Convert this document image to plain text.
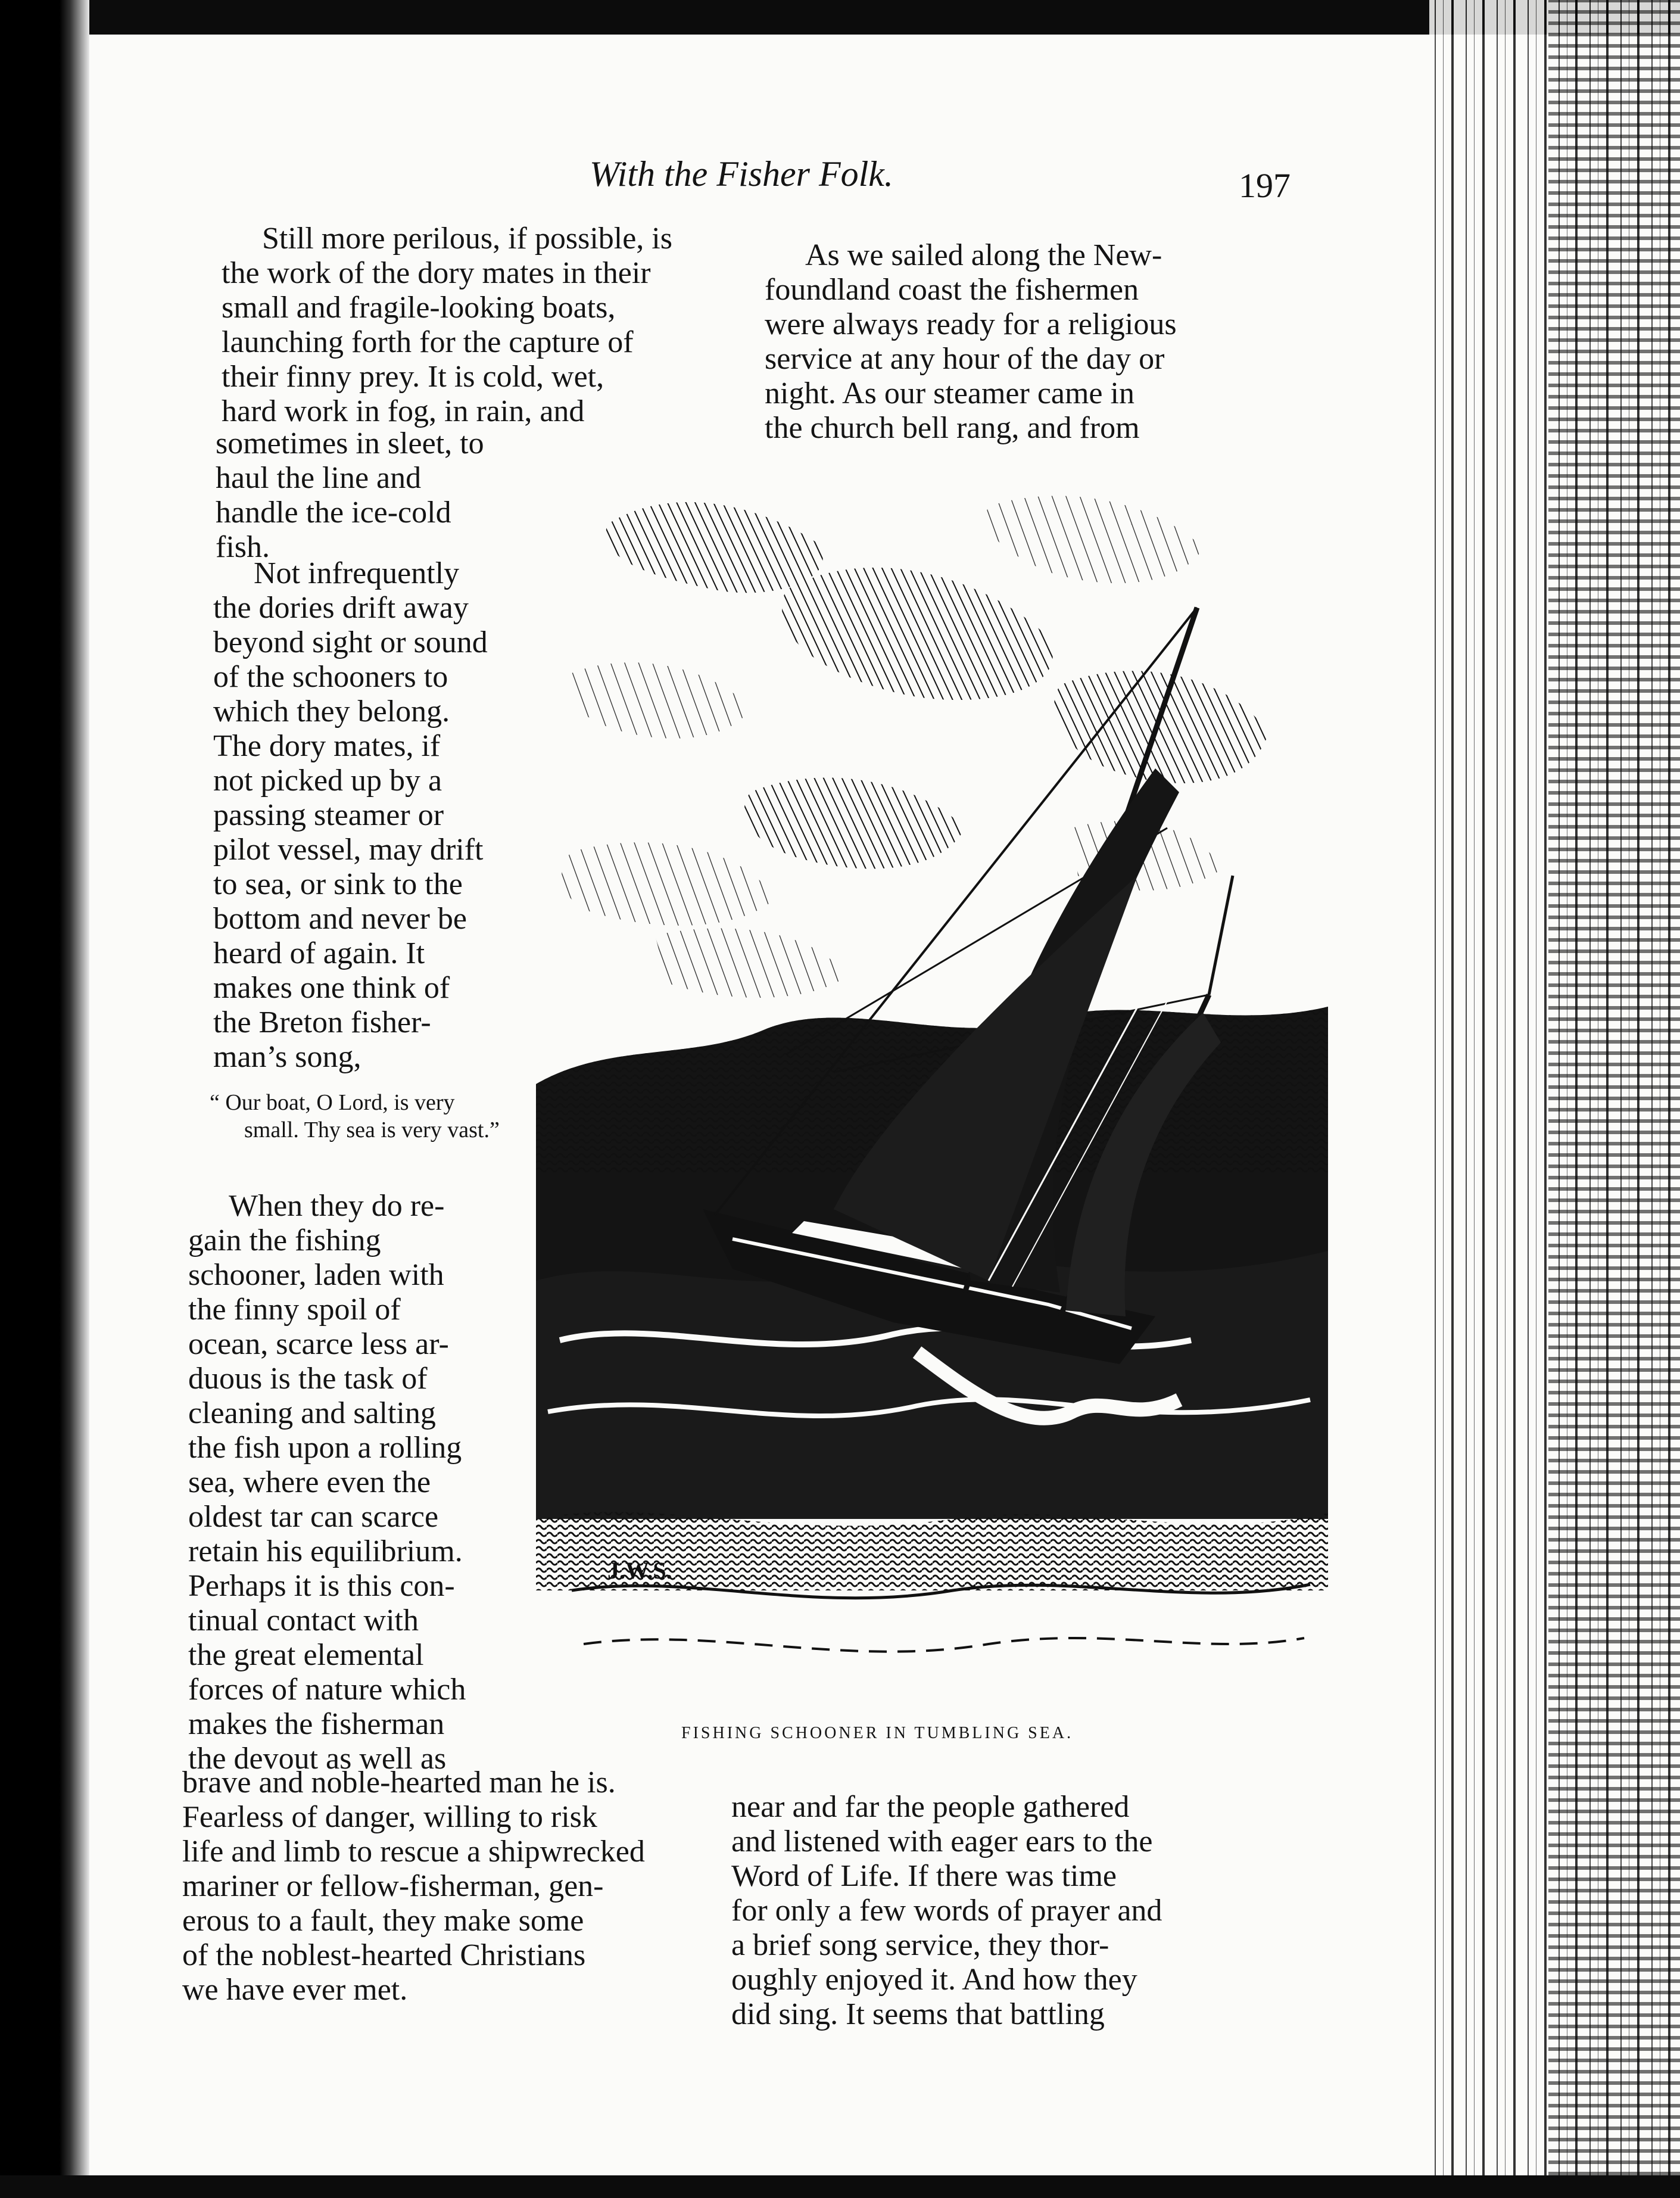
With the Fisher Folk.	197

Still more perilous, if possible, is
the work of the dory mates in their
small and fragile-looking boats,
launching forth for the capture of
their finny prey. It is cold, wet,
hard work in fog, in rain, and

sometimes in sleet, to
haul the line and
handle the ice-cold
fish.

Not infrequently
the dories drift away
beyond sight or sound
of the schooners to
which they belong.
The dory mates, if
not picked up by a
passing steamer or
pilot vessel, may drift
to sea, or sink to the
bottom and never be
heard of again. It
makes one think of
the Breton fisher-
man’s song,

“ Our boat, O Lord, is very small. Thy sea is very vast.”

When they do re-
gain the fishing
schooner, laden with
the finny spoil of
ocean, scarce less ar-
duous is the task of
cleaning and salting
the fish upon a rolling
sea, where even the
oldest tar can scarce
retain his equilibrium.
Perhaps it is this con-
tinual contact with
the great elemental
forces of nature which
makes the fisherman
the devout as well as

brave and noble-hearted man he is.
Fearless of danger, willing to risk
life and limb to rescue a shipwrecked
mariner or fellow-fisherman, gen-
erous to a fault, they make some
of the noblest-hearted Christians
we have ever met.

As we sailed along the New-
foundland coast the fishermen
were always ready for a religious
service at any hour of the day or
night. As our steamer came in
the church bell rang, and from

near and far the people gathered
and listened with eager ears to the
Word of Life. If there was time
for only a few words of prayer and
a brief song service, they thor-
oughly enjoyed it. And how they
did sing. It seems that battling

J.W.S.
FISHING SCHOONER IN TUMBLING SEA.
